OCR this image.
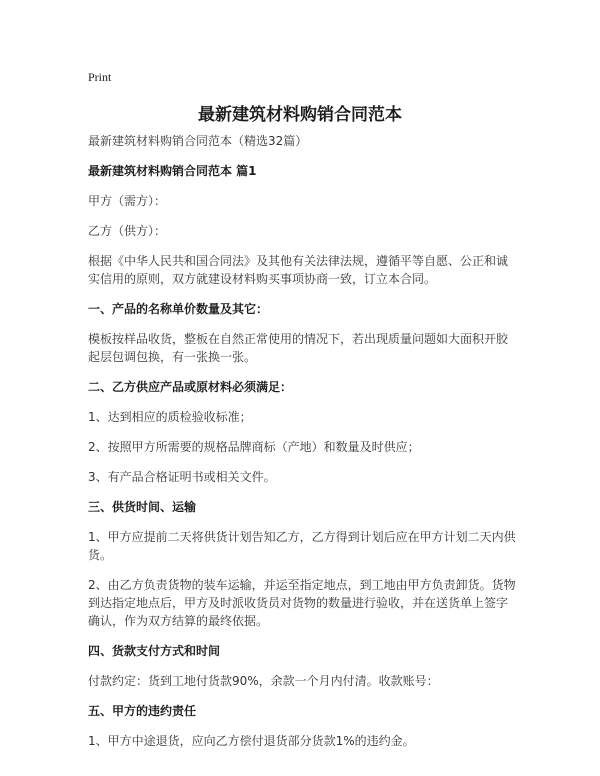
Print
最新建筑材料购销合同范本

最新建筑材料购销合同范本（精选32篇）

最新建筑材料购销合同范本 篇1

甲方（需方）：

乙方（供方）：

根据《中华人民共和国合同法》及其他有关法律法规，遵循平等自愿、公正和诚实信用的原则，双方就建设材料购买事项协商一致，订立本合同。

一、产品的名称单价数量及其它：

模板按样品收货，整板在自然正常使用的情况下，若出现质量问题如大面积开胶起层包调包换，有一张换一张。

二、乙方供应产品或原材料必须满足：

1、达到相应的质检验收标准；

2、按照甲方所需要的规格品牌商标（产地）和数量及时供应；

3、有产品合格证明书或相关文件。

三、供货时间、运输

1、甲方应提前二天将供货计划告知乙方，乙方得到计划后应在甲方计划二天内供货。

2、由乙方负责货物的装车运输，并运至指定地点，到工地由甲方负责卸货。货物到达指定地点后，甲方及时派收货员对货物的数量进行验收，并在送货单上签字确认，作为双方结算的最终依据。

四、货款支付方式和时间

付款约定：货到工地付货款90%，余款一个月内付清。收款账号：

五、甲方的违约责任

1、甲方中途退货，应向乙方偿付退货部分货款1%的违约金。
